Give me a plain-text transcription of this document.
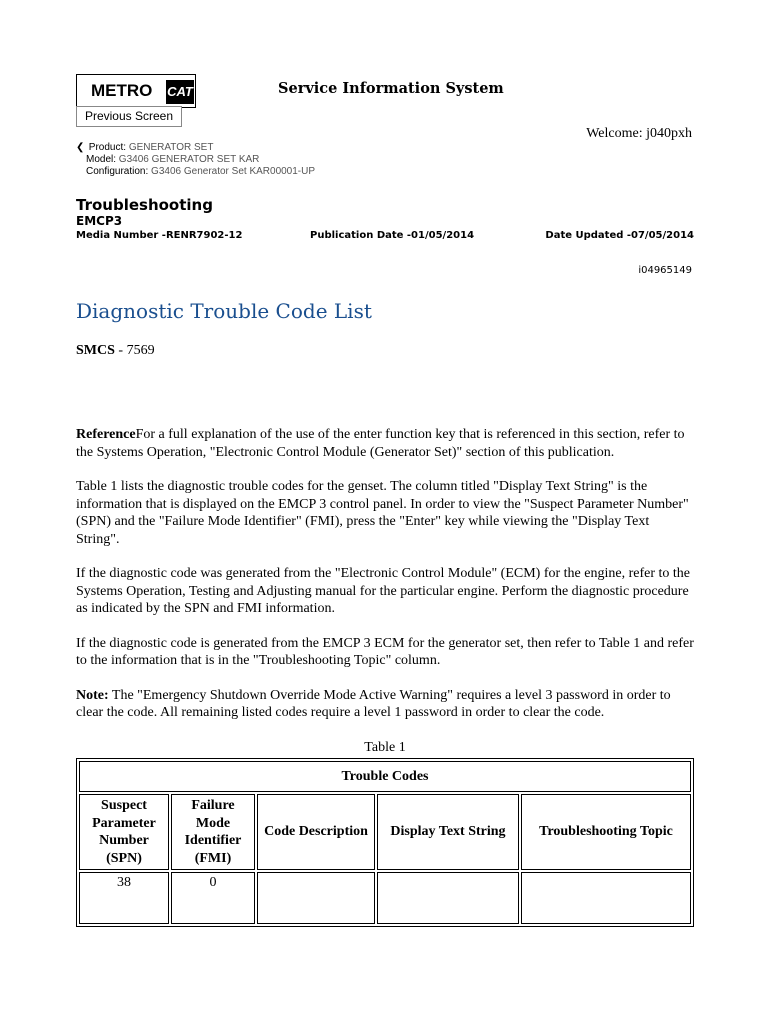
METRO CAT
Previous Screen
Service Information System
Welcome: j040pxh
❮ Product: GENERATOR SET
Model: G3406 GENERATOR SET KAR
Configuration: G3406 Generator Set KAR00001-UP
Troubleshooting
EMCP3
Media Number -RENR7902-12	Publication Date -01/05/2014	Date Updated -07/05/2014
i04965149
Diagnostic Trouble Code List
SMCS - 7569

ReferenceFor a full explanation of the use of the enter function key that is referenced in this section, refer to the Systems Operation, "Electronic Control Module (Generator Set)" section of this publication.

Table 1 lists the diagnostic trouble codes for the genset. The column titled "Display Text String" is the information that is displayed on the EMCP 3 control panel. In order to view the "Suspect Parameter Number" (SPN) and the "Failure Mode Identifier" (FMI), press the "Enter" key while viewing the "Display Text String".

If the diagnostic code was generated from the "Electronic Control Module" (ECM) for the engine, refer to the Systems Operation, Testing and Adjusting manual for the particular engine. Perform the diagnostic procedure as indicated by the SPN and FMI information.

If the diagnostic code is generated from the EMCP 3 ECM for the generator set, then refer to Table 1 and refer to the information that is in the "Troubleshooting Topic" column.

Note: The "Emergency Shutdown Override Mode Active Warning" requires a level 3 password in order to clear the code. All remaining listed codes require a level 1 password in order to clear the code.

Table 1
Trouble Codes				
Suspect Parameter Number (SPN)	Failure Mode Identifier (FMI)	Code Description	Display Text String	Troubleshooting Topic
38	0			
